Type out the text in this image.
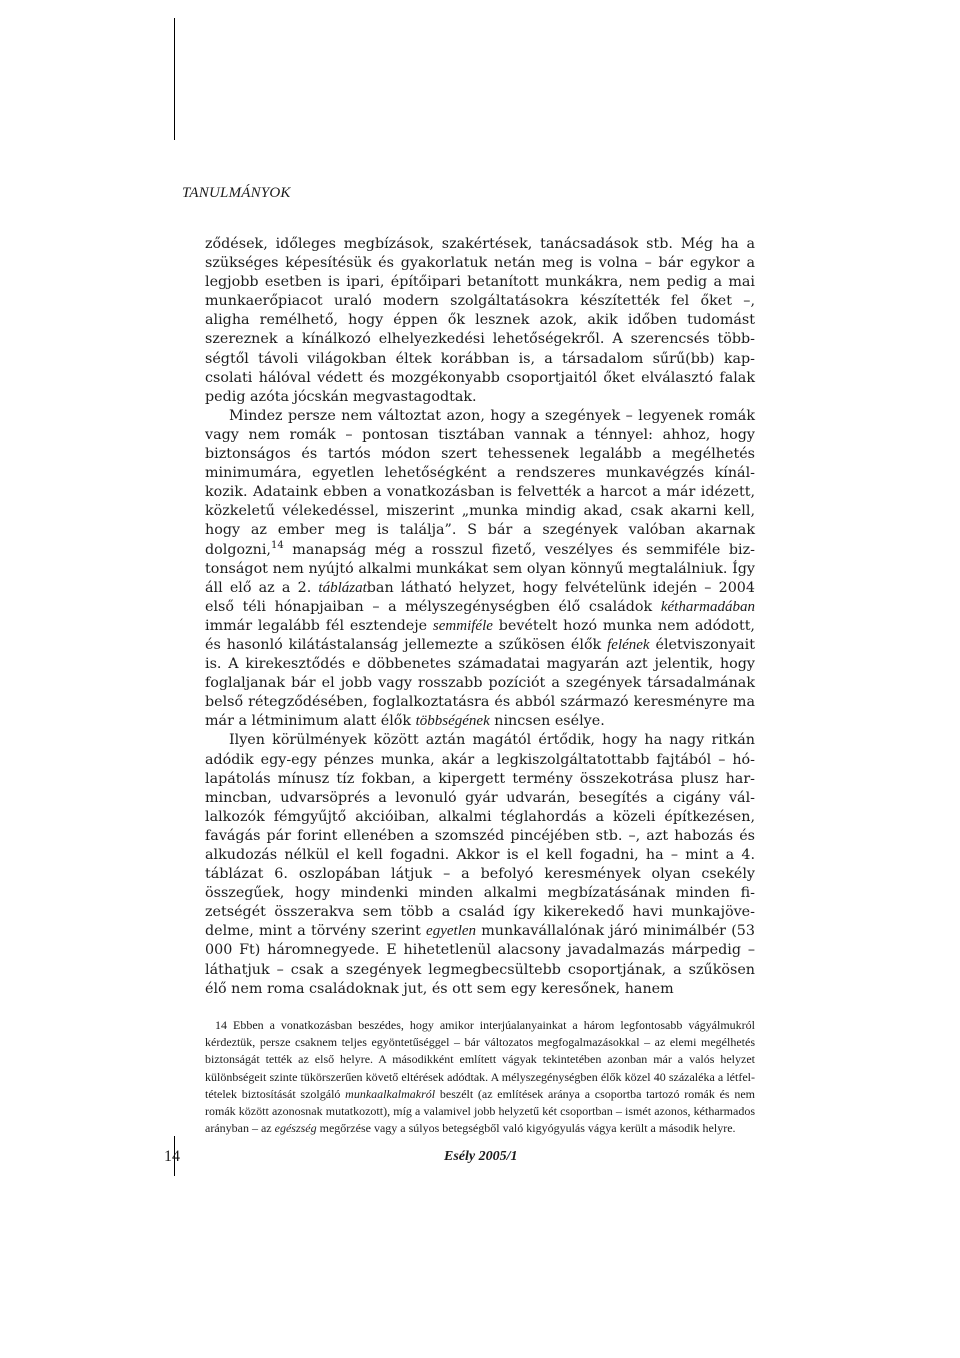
TANULMÁNYOK

ződések, időleges megbízások, szakértések, tanácsadások stb. Még ha a szükséges képesítésük és gyakorlatuk netán meg is volna – bár egykor a legjobb esetben is ipari, építőipari betanított munkákra, nem pedig a mai munkaerőpiacot uraló modern szolgáltatásokra készítették fel őket –, aligha remélhető, hogy éppen ők lesznek azok, akik időben tudomást szereznek a kínálkozó elhelyezkedési lehetőségekről. A szerencsés többségtől távoli világokban éltek korábban is, a társadalom sűrű(bb) kapcsolati hálóval védett és mozgékonyabb csoportjaitól őket elválasztó falak pedig azóta jócskán megvastagodtak.

Mindez persze nem változtat azon, hogy a szegények – legyenek romák vagy nem romák – pontosan tisztában vannak a ténnyel: ahhoz, hogy biztonságos és tartós módon szert tehessenek legalább a megélhetés minimumára, egyetlen lehetőségként a rendszeres munkavégzés kínálkozik. Adataink ebben a vonatkozásban is felvették a harcot a már idézett, közkeletű vélekedéssel, miszerint „munka mindig akad, csak akarni kell, hogy az ember meg is találja”. S bár a szegények valóban akarnak dolgozni,$^{14}$ manapság még a rosszul fizető, veszélyes és semmiféle biztonságot nem nyújtó alkalmi munkákat sem olyan könnyű megtalálniuk. Így áll elő az a 2. táblázatban látható helyzet, hogy felvételünk idején – 2004 első téli hónapjaiban – a mélyszegénységben élő családok kétharmadában immár legalább fél esztendeje semmiféle bevételt hozó munka nem adódott, és hasonló kilátástalanság jellemezte a szűkösen élők felének életviszonyait is. A kirekesztődés e döbbenetes számadatai magyarán azt jelentik, hogy foglaljanak bár el jobb vagy rosszabb pozíciót a szegények társadalmának belső rétegződésében, foglalkoztatásra és abból származó keresményre ma már a létminimum alatt élők többségének nincsen esélye.

Ilyen körülmények között aztán magától értődik, hogy ha nagy ritkán adódik egy-egy pénzes munka, akár a legkiszolgáltatottabb fajtából – hólapátolás mínusz tíz fokban, a kipergett termény összekotrása plusz harmincban, udvarsöprés a levonuló gyár udvarán, besegítés a cigány vállalkozók fémgyűjtő akcióiban, alkalmi téglahordás a közeli építkezésen, favágás pár forint ellenében a szomszéd pincéjében stb. –, azt habozás és alkudozás nélkül el kell fogadni. Akkor is el kell fogadni, ha – mint a 4. táblázat 6. oszlopában látjuk – a befolyó keresmények olyan csekély összegűek, hogy mindenki minden alkalmi megbízatásának minden fizetségét összerakva sem több a család így kikerekedő havi munkajövedelme, mint a törvény szerint egyetlen munkavállalónak járó minimálbér (53 000 Ft) háromnegyede. E hihetetlenül alacsony javadalmazás márpedig – láthatjuk – csak a szegények legmegbecsültebb csoportjának, a szűkösen élő nem roma családoknak jut, és ott sem egy keresőnek, hanem

14 Ebben a vonatkozásban beszédes, hogy amikor interjúalanyainkat a három legfontosabb vágyálmukról kérdeztük, perszе csaknem teljes egyöntetűséggel – bár változatos megfogalmazásokkal – az elemi megélhetés biztonságát tették az első helyre. A másodikként említett vágyak tekintetében azonban már a valós helyzet különbségeit szinte tükörszerűen követő eltérések adódtak. A mélyszegénységben élők közel 40 százaléka a létfeltételek biztosítását szolgáló munkaalkalmakról beszélt (az említések aránya a csoportba tartozó romák és nem romák között azonosnak mutatkozott), míg a valamivel jobb helyzetű két csoportban – ismét azonos, kétharmados arányban – az egészség megőrzése vagy a súlyos betegségből való kigyógyulás vágya került a második helyre.

14	Esély 2005/1
